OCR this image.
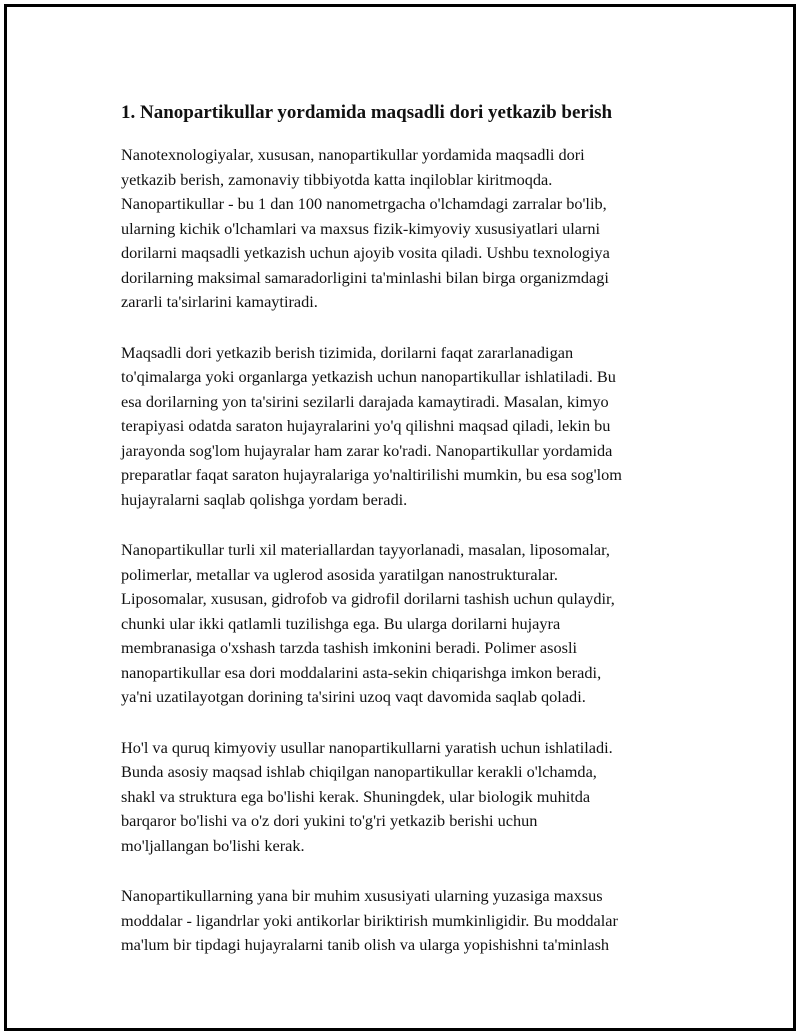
1. Nanopartikullar yordamida maqsadli dori yetkazib berish

Nanotexnologiyalar, xususan, nanopartikullar yordamida maqsadli dori
yetkazib berish, zamonaviy tibbiyotda katta inqiloblar kiritmoqda.
Nanopartikullar - bu 1 dan 100 nanometrgacha o'lchamdagi zarralar bo'lib,
ularning kichik o'lchamlari va maxsus fizik-kimyoviy xususiyatlari ularni
dorilarni maqsadli yetkazish uchun ajoyib vosita qiladi. Ushbu texnologiya
dorilarning maksimal samaradorligini ta'minlashi bilan birga organizmdagi
zararli ta'sirlarini kamaytiradi.

Maqsadli dori yetkazib berish tizimida, dorilarni faqat zararlanadigan
to'qimalarga yoki organlarga yetkazish uchun nanopartikullar ishlatiladi. Bu
esa dorilarning yon ta'sirini sezilarli darajada kamaytiradi. Masalan, kimyo
terapiyasi odatda saraton hujayralarini yo'q qilishni maqsad qiladi, lekin bu
jarayonda sog'lom hujayralar ham zarar ko'radi. Nanopartikullar yordamida
preparatlar faqat saraton hujayralariga yo'naltirilishi mumkin, bu esa sog'lom
hujayralarni saqlab qolishga yordam beradi.

Nanopartikullar turli xil materiallardan tayyorlanadi, masalan, liposomalar,
polimerlar, metallar va uglerod asosida yaratilgan nanostrukturalar.
Liposomalar, xususan, gidrofob va gidrofil dorilarni tashish uchun qulaydir,
chunki ular ikki qatlamli tuzilishga ega. Bu ularga dorilarni hujayra
membranasiga o'xshash tarzda tashish imkonini beradi. Polimer asosli
nanopartikullar esa dori moddalarini asta-sekin chiqarishga imkon beradi,
ya'ni uzatilayotgan dorining ta'sirini uzoq vaqt davomida saqlab qoladi.

Ho'l va quruq kimyoviy usullar nanopartikullarni yaratish uchun ishlatiladi.
Bunda asosiy maqsad ishlab chiqilgan nanopartikullar kerakli o'lchamda,
shakl va struktura ega bo'lishi kerak. Shuningdek, ular biologik muhitda
barqaror bo'lishi va o'z dori yukini to'g'ri yetkazib berishi uchun
mo'ljallangan bo'lishi kerak.

Nanopartikullarning yana bir muhim xususiyati ularning yuzasiga maxsus
moddalar - ligandrlar yoki antikorlar biriktirish mumkinligidir. Bu moddalar
ma'lum bir tipdagi hujayralarni tanib olish va ularga yopishishni ta'minlash
